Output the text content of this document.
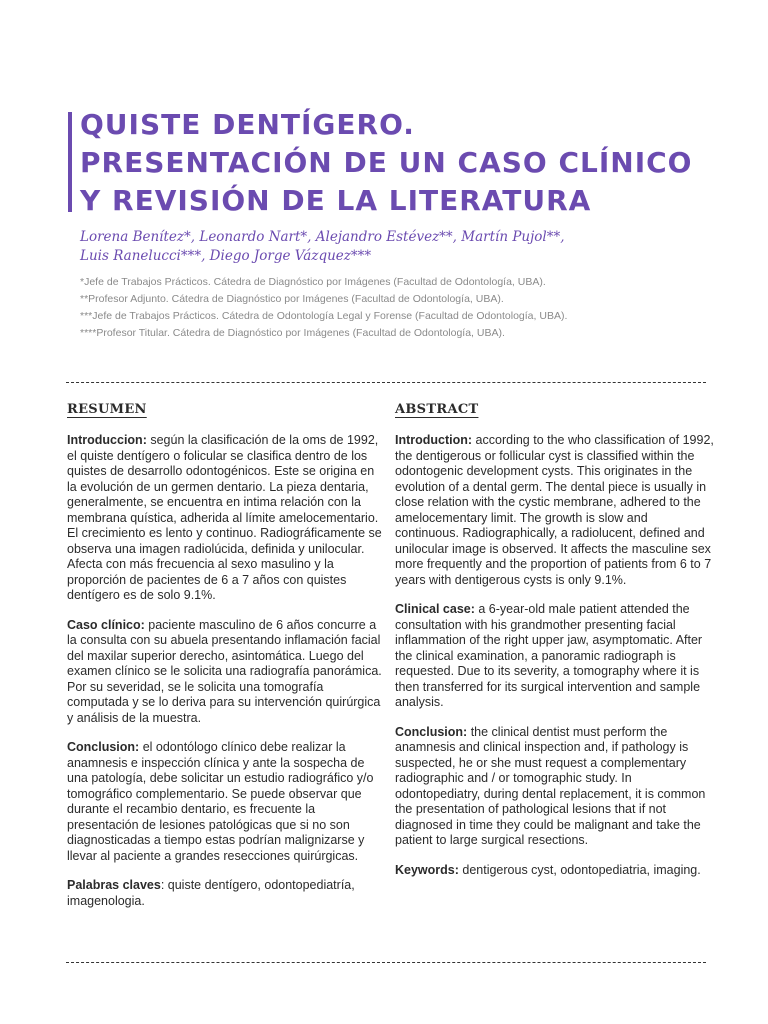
QUISTE DENTÍGERO.
PRESENTACIÓN DE UN CASO CLÍNICO
Y REVISIÓN DE LA LITERATURA

Lorena Benítez*, Leonardo Nart*, Alejandro Estévez**, Martín Pujol**,
Luis Ranelucci***, Diego Jorge Vázquez***

*Jefe de Trabajos Prácticos. Cátedra de Diagnóstico por Imágenes (Facultad de Odontología, UBA).
**Profesor Adjunto. Cátedra de Diagnóstico por Imágenes (Facultad de Odontología, UBA).
***Jefe de Trabajos Prácticos. Cátedra de Odontología Legal y Forense (Facultad de Odontología, UBA).
****Profesor Titular. Cátedra de Diagnóstico por Imágenes (Facultad de Odontología, UBA).
RESUMEN

Introduccion: según la clasificación de la oms de 1992, el quiste dentígero o folicular se clasifica dentro de los quistes de desarrollo odontogénicos. Este se origina en la evolución de un germen dentario. La pieza dentaria, generalmente, se encuentra en intima relación con la membrana quística, adherida al límite amelocementario. El crecimiento es lento y continuo. Radiográficamente se observa una imagen radiolúcida, definida y unilocular. Afecta con más frecuencia al sexo masulino y la proporción de pacientes de 6 a 7 años con quistes dentígero es de solo 9.1%.

Caso clínico: paciente masculino de 6 años concurre a la consulta con su abuela presentando inflamación facial del maxilar superior derecho, asintomática. Luego del examen clínico se le solicita una radiografía panorámica. Por su severidad, se le solicita una tomografía computada y se lo deriva para su intervención quirúrgica y análisis de la muestra.

Conclusion: el odontólogo clínico debe realizar la anamnesis e inspección clínica y ante la sospecha de una patología, debe solicitar un estudio radiográfico y/o tomográfico complementario. Se puede observar que durante el recambio dentario, es frecuente la presentación de lesiones patológicas que si no son diagnosticadas a tiempo estas podrían malignizarse y llevar al paciente a grandes resecciones quirúrgicas.

Palabras claves: quiste dentígero, odontopediatría, imagenologia.

ABSTRACT

Introduction: according to the who classification of 1992, the dentigerous or follicular cyst is classified within the odontogenic development cysts. This originates in the evolution of a dental germ. The dental piece is usually in close relation with the cystic membrane, adhered to the amelocementary limit. The growth is slow and continuous. Radiographically, a radiolucent, defined and unilocular image is observed. It affects the masculine sex more frequently and the proportion of patients from 6 to 7 years with dentigerous cysts is only 9.1%.

Clinical case: a 6-year-old male patient attended the consultation with his grandmother presenting facial inflammation of the right upper jaw, asymptomatic. After the clinical examination, a panoramic radiograph is requested. Due to its severity, a tomography where it is then transferred for its surgical intervention and sample analysis.

Conclusion: the clinical dentist must perform the anamnesis and clinical inspection and, if pathology is suspected, he or she must request a complementary radiographic and / or tomographic study. In odontopediatry, during dental replacement, it is common the presentation of pathological lesions that if not diagnosed in time they could be malignant and take the patient to large surgical resections.

Keywords: dentigerous cyst, odontopediatria, imaging.
